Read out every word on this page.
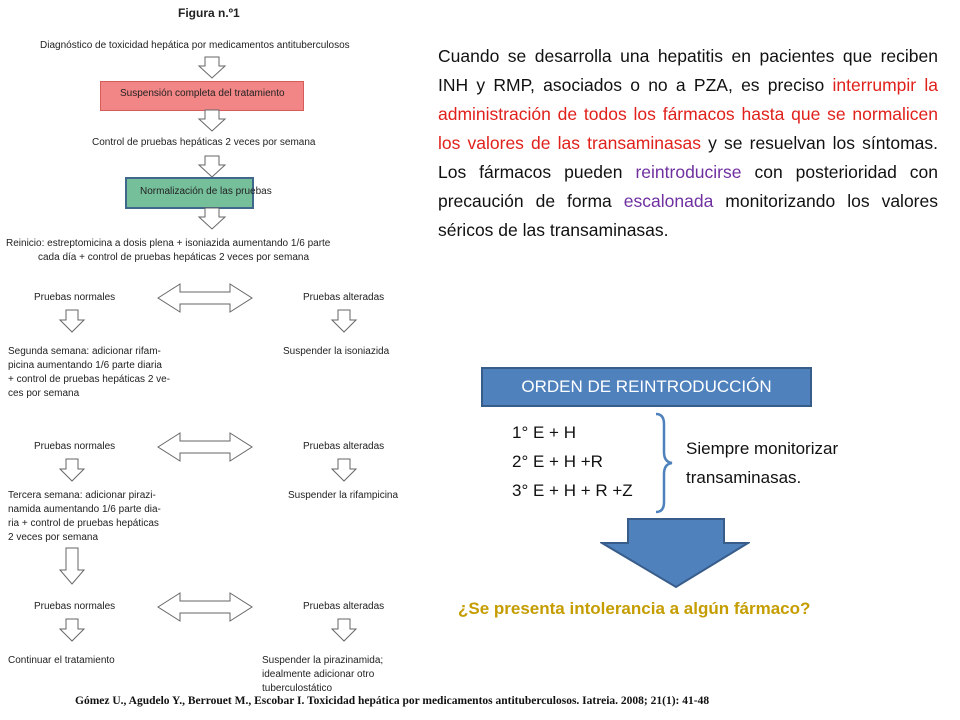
Figura n.º1
Diagnóstico de toxicidad hepática por medicamentos antituberculosos
Suspensión completa del tratamiento
Control de pruebas hepáticas 2 veces por semana
Normalización de las pruebas
Reinicio: estreptomicina a dosis plena + isoniazida aumentando 1/6 parte
cada día + control de pruebas hepáticas 2 veces por semana
Pruebas normales	Pruebas alteradas
Segunda semana: adicionar rifam-
picina aumentando 1/6 parte diaria
+ control de pruebas hepáticas 2 ve-
ces por semana
Suspender la isoniazida
Pruebas normales	Pruebas alteradas
Tercera semana: adicionar pirazi-
namida aumentando 1/6 parte dia-
ria + control de pruebas hepáticas
2 veces por semana
Suspender la rifampicina
Pruebas normales	Pruebas alteradas
Continuar el tratamiento	Suspender la pirazinamida;
idealmente adicionar otro
tuberculostático
Cuando se desarrolla una hepatitis en pacientes que reciben INH y RMP, asociados o no a PZA, es preciso interrumpir la administración de todos los fármacos hasta que se normalicen los valores de las transaminasas y se resuelvan los síntomas. Los fármacos pueden reintroducirse con posterioridad con precaución de forma escalonada monitorizando los valores séricos de las transaminasas.
ORDEN DE REINTRODUCCIÓN
1° E + H
2° E + H +R
3° E + H + R +Z
Siempre monitorizar
transaminasas.
¿Se presenta intolerancia a algún fármaco?
Gómez U., Agudelo Y., Berrouet M., Escobar I. Toxicidad hepática por medicamentos antituberculosos. Iatreia. 2008; 21(1): 41-48
